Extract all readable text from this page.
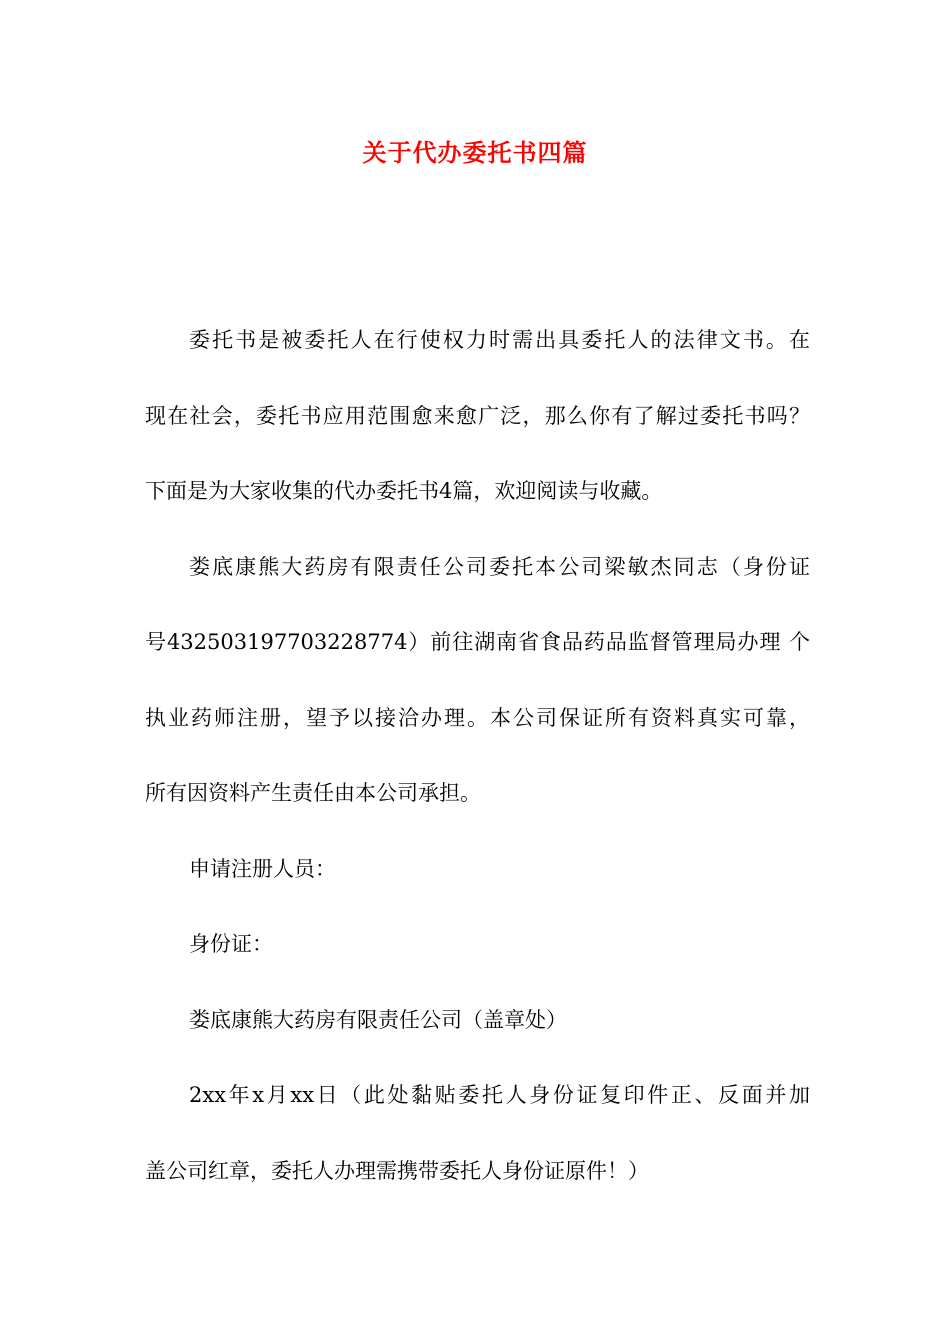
关于代办委托书四篇
委托书是被委托人在行使权力时需出具委托人的法律文书。在
现在社会，委托书应用范围愈来愈广泛，那么你有了解过委托书吗？
下面是为大家收集的代办委托书4篇，欢迎阅读与收藏。
娄底康熊大药房有限责任公司委托本公司梁敏杰同志（身份证
号432503197703228774）前往湖南省食品药品监督管理局办理 个
执业药师注册，望予以接洽办理。本公司保证所有资料真实可靠，
所有因资料产生责任由本公司承担。
申请注册人员：
身份证：
娄底康熊大药房有限责任公司（盖章处）
2xx年x月xx日（此处黏贴委托人身份证复印件正、反面并加
盖公司红章，委托人办理需携带委托人身份证原件！）
